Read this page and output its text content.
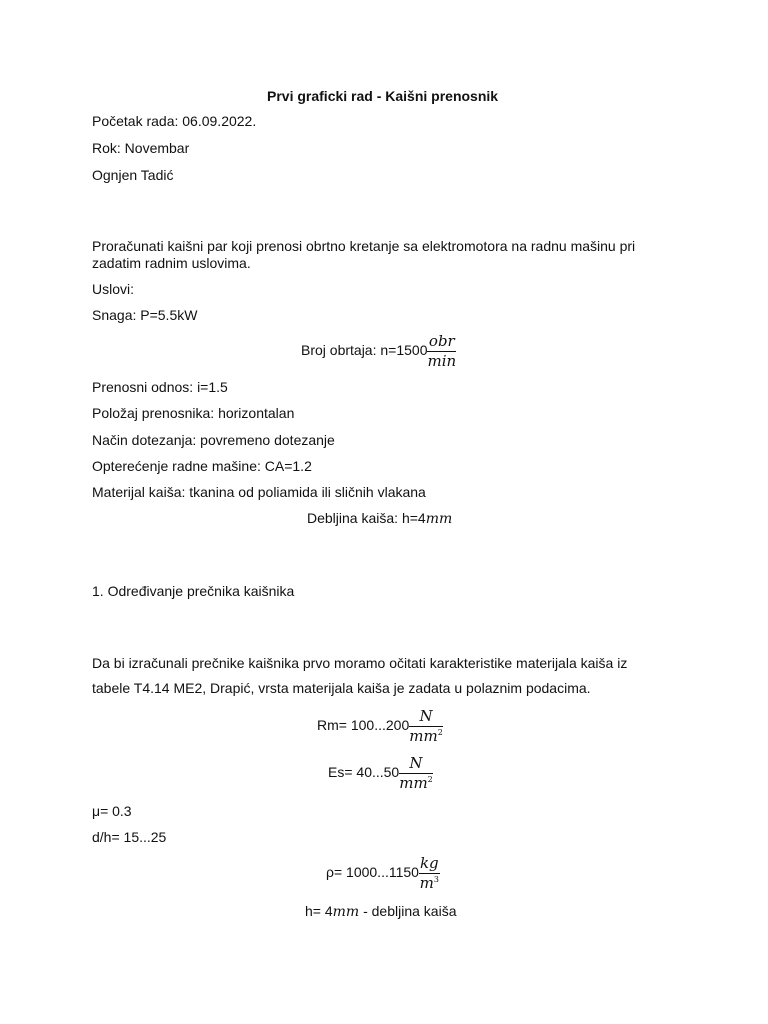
Prvi graficki rad - Kaišni prenosnik
Početak rada: 06.09.2022.
Rok: Novembar
Ognjen Tadić
Proračunati kaišni par koji prenosi obrtno kretanje sa elektromotora na radnu mašinu pri
zadatim radnim uslovima.
Uslovi:
Snaga: P=5.5kW
Broj obrtaja: $n=1500 \frac{\text{obr}}{\min}$
Prenosni odnos: i=1.5
Položaj prenosnika: horizontalan
Način dotezanja: povremeno dotezanje
Opterećenje radne mašine: CA=1.2
Materijal kaiša: tkanina od poliamida ili sličnih vlakana
Debljina kaiša: h=4mm
1. Određivanje prečnika kaišnika
Da bi izračunali prečnike kaišnika prvo moramo očitati karakteristike materijala kaiša iz
tabele T4.14 ME2, Drapić, vrsta materijala kaiša je zadata u polaznim podacima.
$Rm= 100...200 \frac{N}{mm^2}$
$Es= 40...50 \frac{N}{mm^2}$
μ= 0.3
d/h= 15...25
$\rho= 1000...1150 \frac{kg}{m^3}$
h= 4mm - debljina kaiša
